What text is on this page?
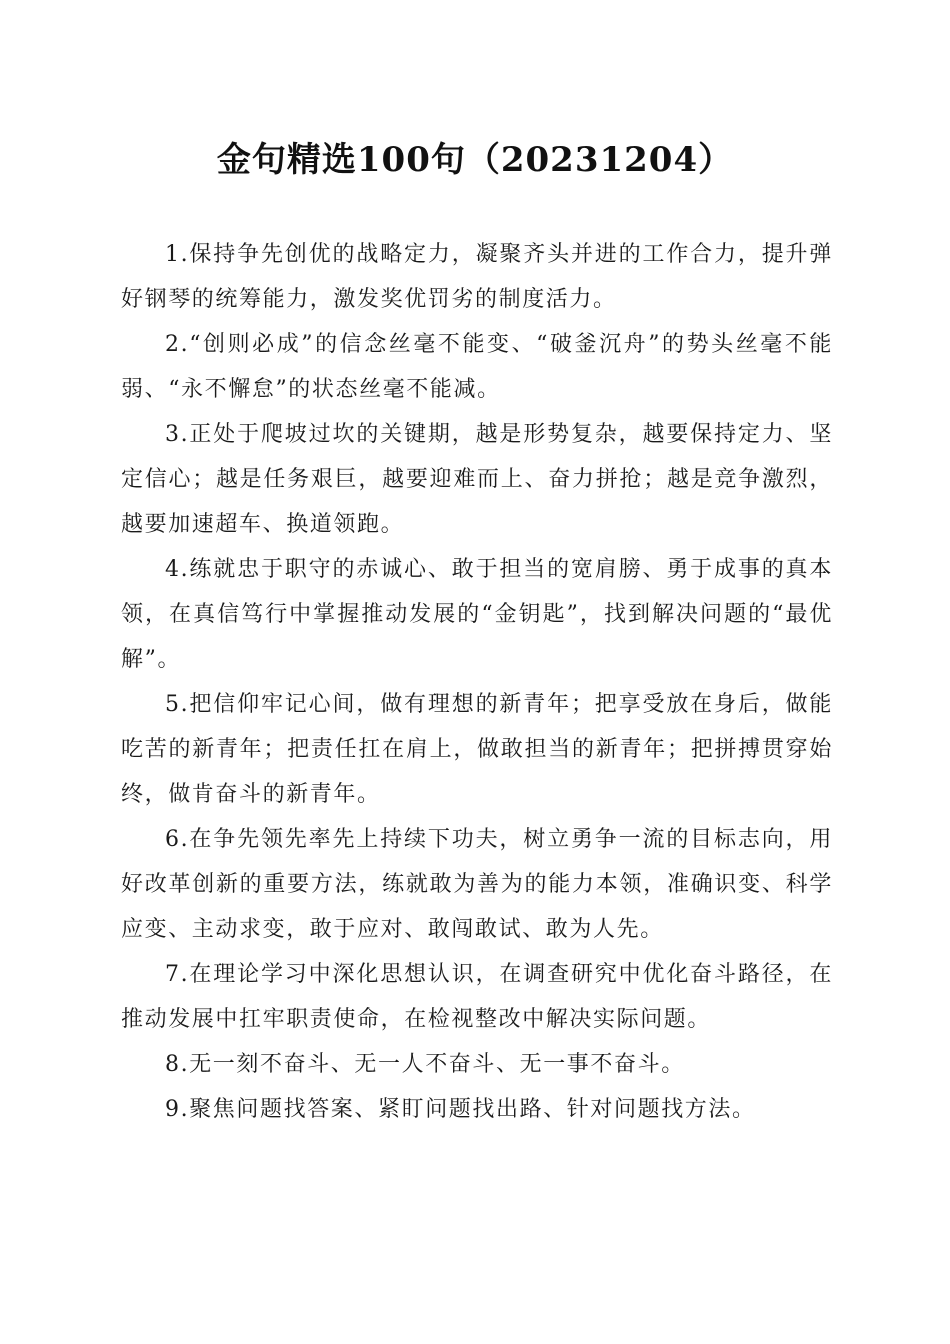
金句精选100句（20231204）

1.保持争先创优的战略定力，凝聚齐头并进的工作合力，提升弹好钢琴的统筹能力，激发奖优罚劣的制度活力。

2.“创则必成”的信念丝毫不能变、“破釜沉舟”的势头丝毫不能弱、“永不懈怠”的状态丝毫不能减。

3.正处于爬坡过坎的关键期，越是形势复杂，越要保持定力、坚定信心；越是任务艰巨，越要迎难而上、奋力拼抢；越是竞争激烈，越要加速超车、换道领跑。

4.练就忠于职守的赤诚心、敢于担当的宽肩膀、勇于成事的真本领，在真信笃行中掌握推动发展的“金钥匙”，找到解决问题的“最优解”。

5.把信仰牢记心间，做有理想的新青年；把享受放在身后，做能吃苦的新青年；把责任扛在肩上，做敢担当的新青年；把拼搏贯穿始终，做肯奋斗的新青年。

6.在争先领先率先上持续下功夫，树立勇争一流的目标志向，用好改革创新的重要方法，练就敢为善为的能力本领，准确识变、科学应变、主动求变，敢于应对、敢闯敢试、敢为人先。

7.在理论学习中深化思想认识，在调查研究中优化奋斗路径，在推动发展中扛牢职责使命，在检视整改中解决实际问题。

8.无一刻不奋斗、无一人不奋斗、无一事不奋斗。

9.聚焦问题找答案、紧盯问题找出路、针对问题找方法。
